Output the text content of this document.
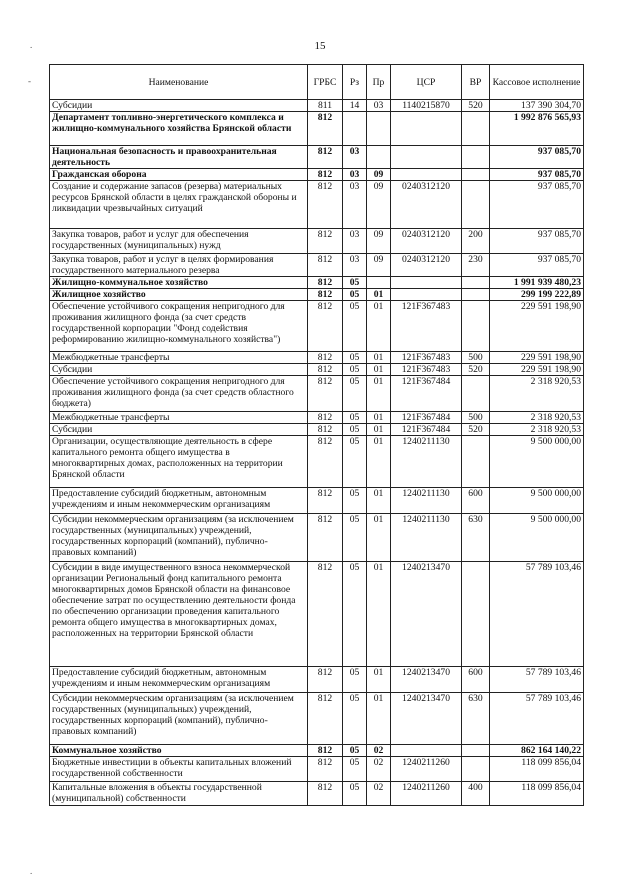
15
.
-
.
Наименование	ГРБС	Рз	Пр	ЦСР	ВР	Кассовое исполнение
Субсидии	811	14	03	1140215870	520	137 390 304,70
Департамент топливно-энергетического комплекса и жилищно-коммунального хозяйства Брянской области	812					1 992 876 565,93
Национальная безопасность и правоохранительная деятельность	812	03				937 085,70
Гражданская оборона	812	03	09			937 085,70
Создание и содержание запасов (резерва) материальных ресурсов Брянской области в целях гражданской обороны и ликвидации чрезвычайных ситуаций	812	03	09	0240312120		937 085,70
Закупка товаров, работ и услуг для обеспечения государственных (муниципальных) нужд	812	03	09	0240312120	200	937 085,70
Закупка товаров, работ и услуг в целях формирования государственного материального резерва	812	03	09	0240312120	230	937 085,70
Жилищно-коммунальное хозяйство	812	05				1 991 939 480,23
Жилищное хозяйство	812	05	01			299 199 222,89
Обеспечение устойчивого сокращения непригодного для проживания жилищного фонда (за счет средств государственной корпорации "Фонд содействия реформированию жилищно-коммунального хозяйства")	812	05	01	121F367483		229 591 198,90
Межбюджетные трансферты	812	05	01	121F367483	500	229 591 198,90
Субсидии	812	05	01	121F367483	520	229 591 198,90
Обеспечение устойчивого сокращения непригодного для проживания жилищного фонда (за счет средств областного бюджета)	812	05	01	121F367484		2 318 920,53
Межбюджетные трансферты	812	05	01	121F367484	500	2 318 920,53
Субсидии	812	05	01	121F367484	520	2 318 920,53
Организации, осуществляющие деятельность в сфере капитального ремонта общего имущества в многоквартирных домах, расположенных на территории Брянской области	812	05	01	1240211130		9 500 000,00
Предоставление субсидий бюджетным, автономным учреждениям и иным некоммерческим организациям	812	05	01	1240211130	600	9 500 000,00
Субсидии некоммерческим организациям (за исключением государственных (муниципальных) учреждений, государственных корпораций (компаний), публично-правовых компаний)	812	05	01	1240211130	630	9 500 000,00
Субсидии в виде имущественного взноса некоммерческой организации Региональный фонд капитального ремонта многоквартирных домов Брянской области на финансовое обеспечение затрат по осуществлению деятельности фонда по обеспечению организации проведения капитального ремонта общего имущества в многоквартирных домах, расположенных на территории Брянской области	812	05	01	1240213470		57 789 103,46
Предоставление субсидий бюджетным, автономным учреждениям и иным некоммерческим организациям	812	05	01	1240213470	600	57 789 103,46
Субсидии некоммерческим организациям (за исключением государственных (муниципальных) учреждений, государственных корпораций (компаний), публично-правовых компаний)	812	05	01	1240213470	630	57 789 103,46
Коммунальное хозяйство	812	05	02			862 164 140,22
Бюджетные инвестиции в объекты капитальных вложений государственной собственности	812	05	02	1240211260		118 099 856,04
Капитальные вложения в объекты государственной (муниципальной) собственности	812	05	02	1240211260	400	118 099 856,04
